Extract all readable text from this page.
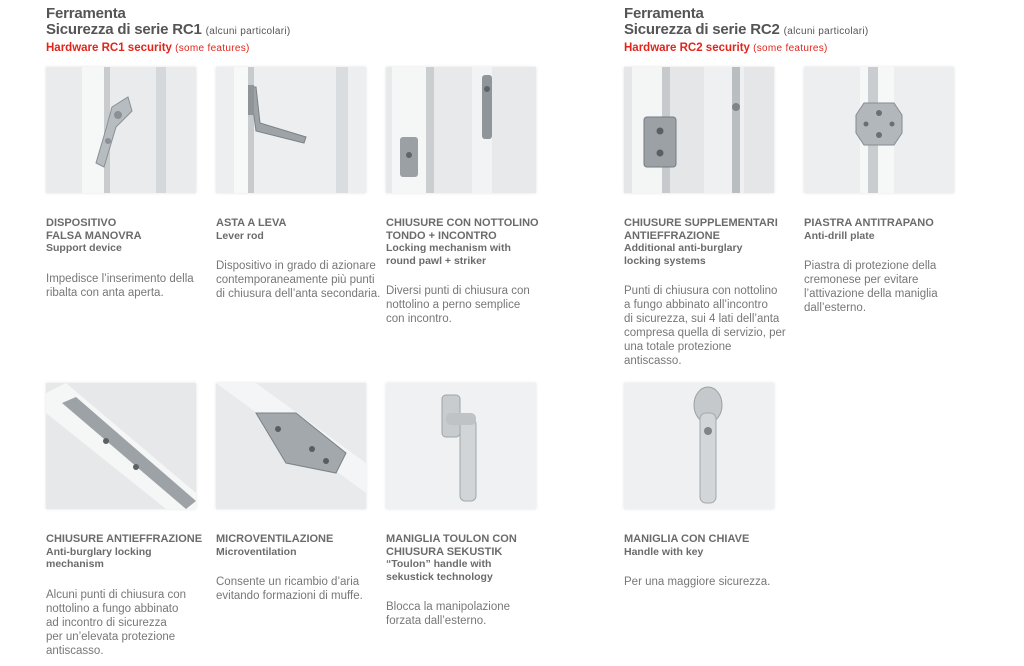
Ferramenta
Sicurezza di serie RC1 (alcuni particolari)
Hardware RC1 security (some features)
Ferramenta
Sicurezza di serie RC2 (alcuni particolari)
Hardware RC2 security (some features)
DISPOSITIVO
FALSA MANOVRA
Support device
Impedisce l’inserimento della
ribalta con anta aperta.
ASTA A LEVA
Lever rod
Dispositivo in grado di azionare
contemporaneamente più punti
di chiusura dell’anta secondaria.
CHIUSURE CON NOTTOLINO
TONDO + INCONTRO
Locking mechanism with
round pawl + striker
Diversi punti di chiusura con
nottolino a perno semplice
con incontro.
CHIUSURE SUPPLEMENTARI
ANTIEFFRAZIONE
Additional anti-burglary
locking systems
Punti di chiusura con nottolino
a fungo abbinato all’incontro
di sicurezza, sui 4 lati dell’anta
compresa quella di servizio, per
una totale protezione antiscasso.
PIASTRA ANTITRAPANO
Anti-drill plate
Piastra di protezione della
cremonese per evitare
l’attivazione della maniglia
dall’esterno.
CHIUSURE ANTIEFFRAZIONE
Anti-burglary locking
mechanism
Alcuni punti di chiusura con
nottolino a fungo abbinato
ad incontro di sicurezza
per un’elevata protezione
antiscasso.
MICROVENTILAZIONE
Microventilation
Consente un ricambio d’aria
evitando formazioni di muffe.
MANIGLIA TOULON CON
CHIUSURA SEKUSTIK
“Toulon” handle with
sekustick technology
Blocca la manipolazione
forzata dall’esterno.
MANIGLIA CON CHIAVE
Handle with key
Per una maggiore sicurezza.
